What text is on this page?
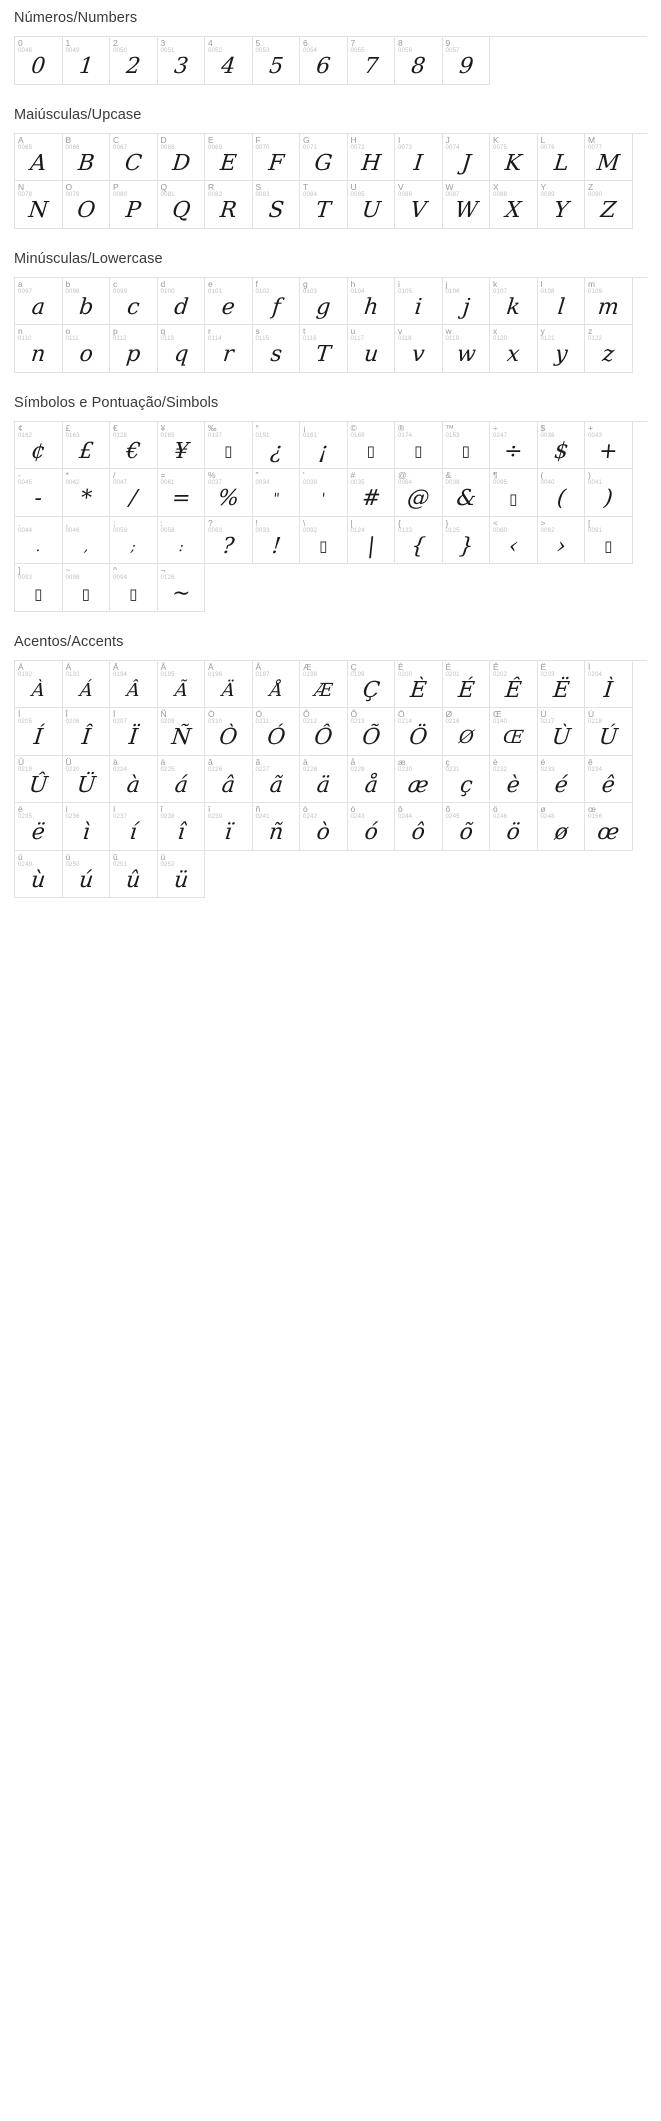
Números/Numbers
0
0048
0
1
0049
1
2
0050
2
3
0051
3
4
0052
4
5
0053
5
6
0054
6
7
0055
7
8
0056
8
9
0057
9
Maiúsculas/Upcase
A
0065
A
B
0066
B
C
0067
C
D
0068
D
E
0069
E
F
0070
F
G
0071
G
H
0072
H
I
0073
I
J
0074
J
K
0075
K
L
0076
L
M
0077
M
N
0078
N
O
0079
O
P
0080
P
Q
0081
Q
R
0082
R
S
0083
S
T
0084
T
U
0085
U
V
0086
V
W
0087
W
X
0088
X
Y
0089
Y
Z
0090
Z
Minúsculas/Lowercase
a
0097
a
b
0098
b
c
0099
c
d
0100
d
e
0101
e
f
0102
f
g
0103
g
h
0104
h
i
0105
i
j
0106
j
k
0107
k
l
0108
l
m
0109
m
n
0110
n
o
0111
o
p
0112
p
q
0113
q
r
0114
r
s
0115
s
t
0116
T
u
0117
u
v
0118
v
w
0119
w
x
0120
x
y
0121
y
z
0122
z
Símbolos e Pontuação/Simbols
¢
0162
¢
£
0163
£
€
0128
€
¥
0165
¥
‰
0137
▯
°
0191
¿
¡
0161
¡
©
0169
▯
®
0174
▯
™
0153
▯
÷
0247
÷
$
0036
$
+
0043
+
-
0045
-
*
0042
*
/
0047
/
=
0061
=
%
0037
%
"
0034
"
'
0039
'
#
0035
#
@
0064
@
&
0038
&
¶
0095
▯
(
0040
(
)
0041
)
.
0044
.
,
0046
,
;
0059
;
:
0058
:
?
0063
?
!
0033
!
\
0092
▯
|
0124
|
{
0123
{
}
0125
}
<
0060
‹
>
0062
›
[
0091
▯
]
0093
▯
~
0098
▯
^
0094
▯
¬
0126
~
Acentos/Accents
À
0192
À
Á
0193
Á
Â
0194
Â
Ã
0195
Ã
Ä
0196
Ä
Å
0197
Å
Æ
0198
Æ
Ç
0199
Ç
È
0200
È
É
0201
É
Ê
0202
Ê
Ë
0203
Ë
Ì
0204
Ì
Í
0205
Í
Î
0206
Î
Ï
0207
Ï
Ñ
0209
Ñ
Ò
0310
Ò
Ó
0211
Ó
Ô
0212
Ô
Õ
0213
Õ
Ö
0214
Ö
Ø
0216
Ø
Œ
0140
Œ
Ù
0217
Ù
Ú
0218
Ú
Û
0219
Û
Ü
0220
Ü
à
0224
à
á
0225
á
â
0226
â
ã
0227
ã
ä
0228
ä
å
0229
å
æ
0230
æ
ç
0231
ç
è
0232
è
é
0233
é
ê
0234
ê
ë
0235
ë
ì
0236
ì
í
0237
í
î
0238
î
ï
0239
ï
ñ
0241
ñ
ò
0242
ò
ó
0243
ó
ô
0244
ô
õ
0245
õ
ö
0246
ö
ø
0248
ø
œ
0156
œ
ù
0249
ù
ú
0250
ú
û
0251
û
ü
0252
ü
